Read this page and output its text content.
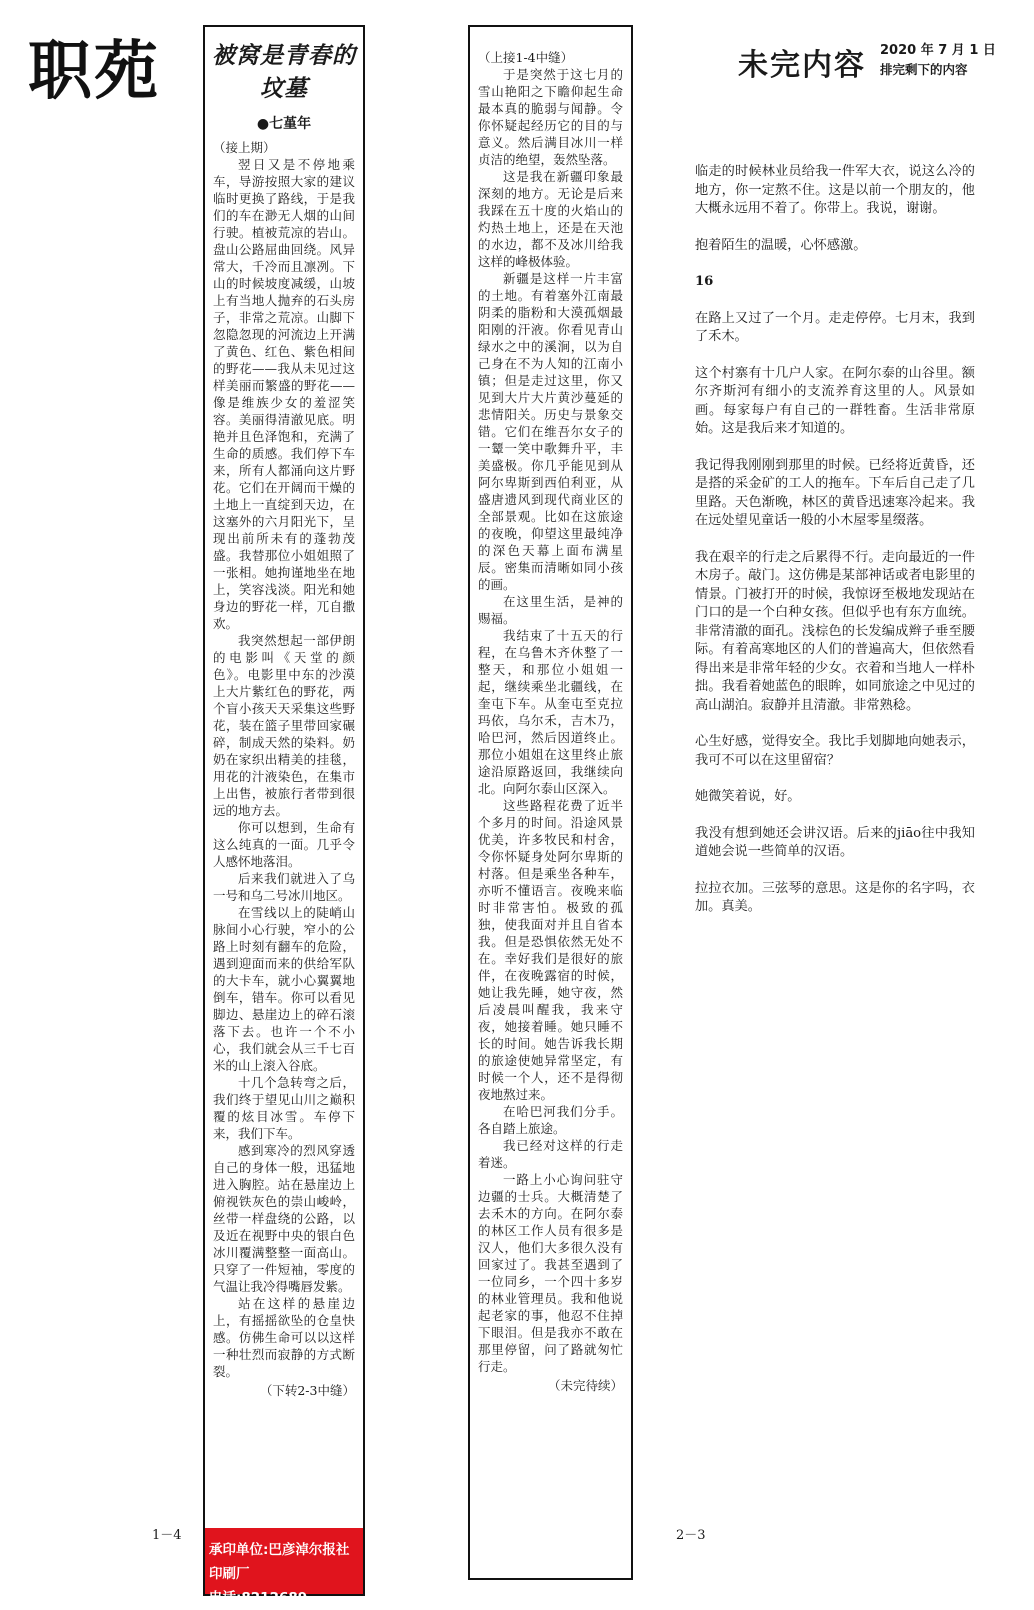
职苑	被窝是青春的坟墓
●七堇年
（接上期）

翌日又是不停地乘车，导游按照大家的建议临时更换了路线，于是我们的车在渺无人烟的山间行驶。植被荒凉的岩山。盘山公路屈曲回绕。风异常大，千冷而且凛冽。下山的时候坡度减缓，山坡上有当地人抛弃的石头房子，非常之荒凉。山脚下忽隐忽现的河流边上开满了黄色、红色、紫色相间的野花——我从未见过这样美丽而繁盛的野花——像是维族少女的羞涩笑容。美丽得清澈见底。明艳并且色泽饱和，充满了生命的质感。我们停下车来，所有人都涌向这片野花。它们在开阔而干燥的土地上一直绽到天边，在这塞外的六月阳光下，呈现出前所未有的蓬勃茂盛。我替那位小姐姐照了一张相。她拘谨地坐在地上，笑容浅淡。阳光和她身边的野花一样，兀自撒欢。

我突然想起一部伊朗的电影叫《天堂的颜色》。电影里中东的沙漠上大片紫红色的野花，两个盲小孩天天采集这些野花，装在篮子里带回家碾碎，制成天然的染料。奶奶在家织出精美的挂毯，用花的汁液染色，在集市上出售，被旅行者带到很远的地方去。

你可以想到，生命有这么纯真的一面。几乎令人感怀地落泪。

后来我们就进入了乌一号和乌二号冰川地区。

在雪线以上的陡峭山脉间小心行驶，窄小的公路上时刻有翻车的危险，遇到迎面而来的供给军队的大卡车，就小心翼翼地倒车，错车。你可以看见脚边、悬崖边上的碎石滚落下去。也许一个不小心，我们就会从三千七百米的山上滚入谷底。

十几个急转弯之后，我们终于望见山川之巅积覆的炫目冰雪。车停下来，我们下车。

感到寒冷的烈风穿透自己的身体一般，迅猛地进入胸腔。站在悬崖边上俯视铁灰色的崇山峻岭，丝带一样盘绕的公路，以及近在视野中央的银白色冰川覆满整整一面高山。只穿了一件短袖，零度的气温让我冷得嘴唇发紫。

站在这样的悬崖边上，有摇摇欲坠的仓皇快感。仿佛生命可以以这样一种壮烈而寂静的方式断裂。

（下转2-3中缝）
承印单位:巴彦淖尔报社印刷厂
电话:8212689
（上接1-4中缝）

于是突然于这七月的雪山艳阳之下瞻仰起生命最本真的脆弱与闻静。令你怀疑起经历它的目的与意义。然后满目冰川一样贞洁的绝望，轰然坠落。

这是我在新疆印象最深刻的地方。无论是后来我踩在五十度的火焰山的灼热土地上，还是在天池的水边，都不及冰川给我这样的峰极体验。

新疆是这样一片丰富的土地。有着塞外江南最阴柔的脂粉和大漠孤烟最阳刚的汗液。你看见青山绿水之中的溪涧，以为自己身在不为人知的江南小镇；但是走过这里，你又见到大片大片黄沙蔓延的悲情阳关。历史与景象交错。它们在维吾尔女子的一颦一笑中歌舞升平，丰美盛极。你几乎能见到从阿尔卑斯到西伯利亚，从盛唐遗风到现代商业区的全部景观。比如在这旅途的夜晚，仰望这里最纯净的深色天幕上面布满星辰。密集而清晰如同小孩的画。

在这里生活，是神的赐福。

我结束了十五天的行程，在乌鲁木齐休整了一整天，和那位小姐姐一起，继续乘坐北疆线，在奎屯下车。从奎屯至克拉玛依，乌尔禾，吉木乃，哈巴河，然后因道终止。那位小姐姐在这里终止旅途沿原路返回，我继续向北。向阿尔泰山区深入。

这些路程花费了近半个多月的时间。沿途风景优美，许多牧民和村舍，令你怀疑身处阿尔卑斯的村落。但是乘坐各种车，亦听不懂语言。夜晚来临时非常害怕。极致的孤独，使我面对并且自省本我。但是恐惧依然无处不在。幸好我们是很好的旅伴，在夜晚露宿的时候，她让我先睡，她守夜，然后凌晨叫醒我，我来守夜，她接着睡。她只睡不长的时间。她告诉我长期的旅途使她异常坚定，有时候一个人，还不是得彻夜地熬过来。

在哈巴河我们分手。各自踏上旅途。

我已经对这样的行走着迷。

一路上小心询问驻守边疆的士兵。大概清楚了去禾木的方向。在阿尔泰的林区工作人员有很多是汉人，他们大多很久没有回家过了。我甚至遇到了一位同乡，一个四十多岁的林业管理员。我和他说起老家的事，他忍不住掉下眼泪。但是我亦不敢在那里停留，问了路就匆忙行走。

（未完待续）
1－4	2－3
未完内容 2020 年 7 月 1 日
排完剩下的内容

临走的时候林业员给我一件军大衣，说这么冷的地方，你一定熬不住。这是以前一个朋友的，他大概永远用不着了。你带上。我说，谢谢。

抱着陌生的温暖，心怀感激。

16

在路上又过了一个月。走走停停。七月末，我到了禾木。

这个村寨有十几户人家。在阿尔泰的山谷里。额尔齐斯河有细小的支流养育这里的人。风景如画。每家每户有自己的一群牲畜。生活非常原始。这是我后来才知道的。

我记得我刚刚到那里的时候。已经将近黄昏，还是搭的采金矿的工人的拖车。下车后自己走了几里路。天色渐晚，林区的黄昏迅速寒冷起来。我在远处望见童话一般的小木屋零星缀落。

我在艰辛的行走之后累得不行。走向最近的一件木房子。敲门。这仿佛是某部神话或者电影里的情景。门被打开的时候，我惊讶至极地发现站在门口的是一个白种女孩。但似乎也有东方血统。非常清澈的面孔。浅棕色的长发编成辫子垂至腰际。有着高寒地区的人们的普遍高大，但依然看得出来是非常年轻的少女。衣着和当地人一样朴拙。我看着她蓝色的眼眸，如同旅途之中见过的高山湖泊。寂静并且清澈。非常熟稔。

心生好感，觉得安全。我比手划脚地向她表示，我可不可以在这里留宿？

她微笑着说，好。

我没有想到她还会讲汉语。后来的jiāo往中我知道她会说一些简单的汉语。

拉拉衣加。三弦琴的意思。这是你的名字吗，衣加。真美。
